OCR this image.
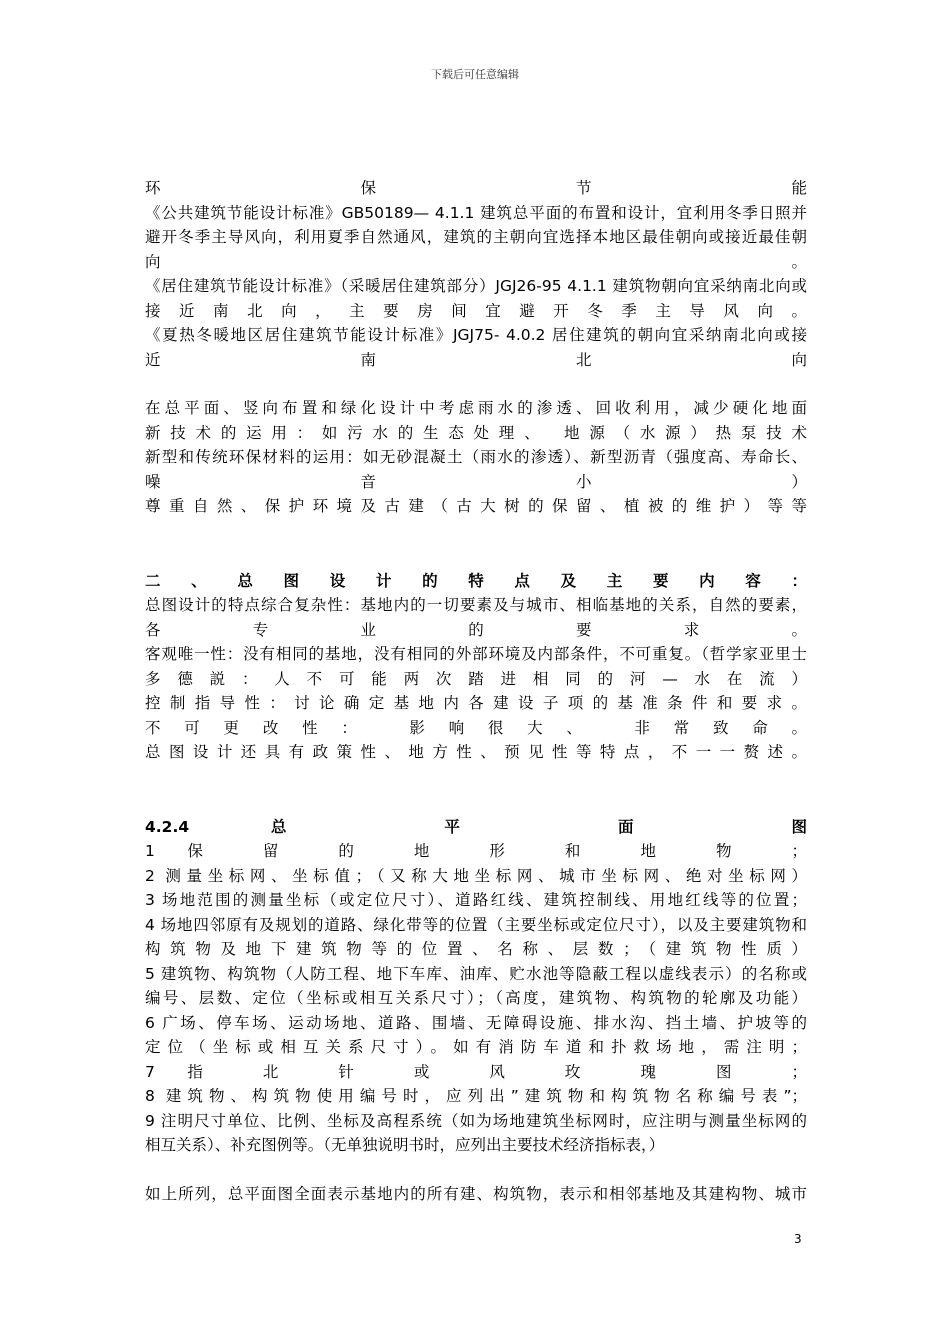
下载后可任意编辑
环 保 节 能
《公共建筑节能设计标准》GB50189— 4.1.1 建筑总平面的布置和设计，宜利用冬季日照并
避开冬季主导风向，利用夏季自然通风，建筑的主朝向宜选择本地区最佳朝向或接近最佳朝
向 。
《居住建筑节能设计标准》（采暖居住建筑部分）JGJ26-95 4.1.1 建筑物朝向宜采纳南北向或
接近南北向，主要房间宜避开冬季主导风向。
《夏热冬暖地区居住建筑节能设计标准》JGJ75- 4.0.2 居住建筑的朝向宜采纳南北向或接
近 南 北 向
在总平面、竖向布置和绿化设计中考虑雨水的渗透、回收利用，减少硬化地面
新技术的运用：如污水的生态处理、 地源（水源）热泵技术
新型和传统环保材料的运用：如无砂混凝土（雨水的渗透）、新型沥青（强度高、寿命长、
噪 音 小 ）
尊重自然、保护环境及古建（古大树的保留、植被的维护）等等
二 、 总 图 设 计 的 特 点 及 主 要 内 容 ：
总图设计的特点综合复杂性：基地内的一切要素及与城市、相临基地的关系，自然的要素，
各 专 业 的 要 求 。
客观唯一性：没有相同的基地，没有相同的外部环境及内部条件，不可重复。（哲学家亚里士
多德説：人不可能两次踏进相同的河—水在流）
控制指导性：讨论确定基地内各建设子项的基准条件和要求。
不可更改性： 影响很大、 非常致命。
总图设计还具有政策性、地方性、预见性等特点，不一一赘述。
4.2.4 总 平 面 图
1 保 留 的 地 形 和 地 物 ；
2 测量坐标网、坐标值；（又称大地坐标网、城市坐标网、绝对坐标网）
3 场地范围的测量坐标（或定位尺寸）、道路红线、建筑控制线、用地红线等的位置；
4 场地四邻原有及规划的道路、绿化带等的位置（主要坐标或定位尺寸），以及主要建筑物和
构筑物及地下建筑物等的位置、名称、层数；（建筑物性质）
5 建筑物、构筑物（人防工程、地下车库、油库、贮水池等隐蔽工程以虚线表示）的名称或
编号、层数、定位（坐标或相互关系尺寸）；（高度，建筑物、构筑物的轮廓及功能）
6 广场、停车场、运动场地、道路、围墙、无障碍设施、排水沟、挡土墙、护坡等的
定位（坐标或相互关系尺寸）。如有消防车道和扑救场地，需注明；
7 指 北 针 或 风 玫 瑰 图 ；
8 建筑物、构筑物使用编号时，应列出”建筑物和构筑物名称编号表”；
9 注明尺寸单位、比例、坐标及高程系统（如为场地建筑坐标网时，应注明与测量坐标网的
相互关系）、补充图例等。（无单独说明书时，应列出主要技术经济指标表，）
如上所列，总平面图全面表示基地内的所有建、构筑物，表示和相邻基地及其建构物、城市
3
